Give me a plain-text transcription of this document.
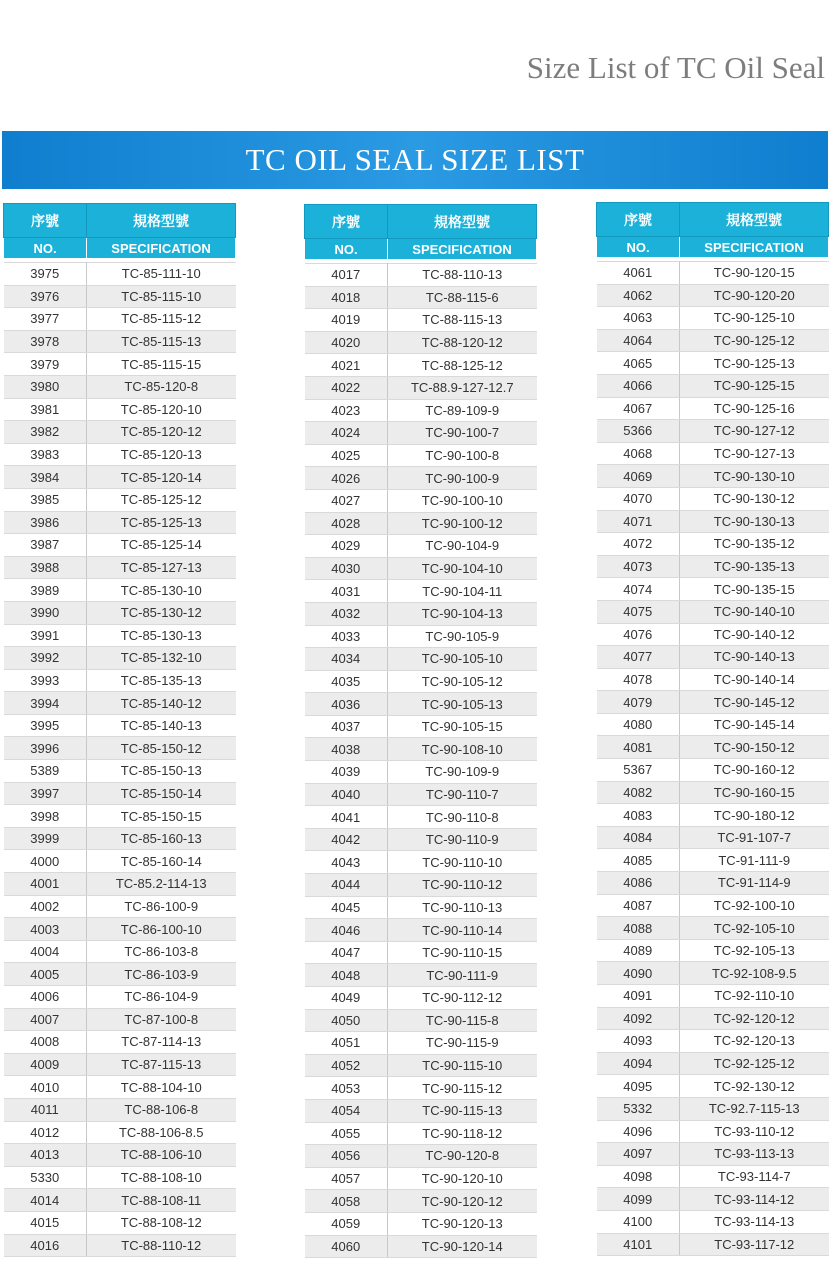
Size List of TC Oil Seal
TC OIL SEAL SIZE LIST
序號	規格型號
NO.	SPECIFICATION

3975	TC-85-111-10
3976	TC-85-115-10
3977	TC-85-115-12
3978	TC-85-115-13
3979	TC-85-115-15
3980	TC-85-120-8
3981	TC-85-120-10
3982	TC-85-120-12
3983	TC-85-120-13
3984	TC-85-120-14
3985	TC-85-125-12
3986	TC-85-125-13
3987	TC-85-125-14
3988	TC-85-127-13
3989	TC-85-130-10
3990	TC-85-130-12
3991	TC-85-130-13
3992	TC-85-132-10
3993	TC-85-135-13
3994	TC-85-140-12
3995	TC-85-140-13
3996	TC-85-150-12
5389	TC-85-150-13
3997	TC-85-150-14
3998	TC-85-150-15
3999	TC-85-160-13
4000	TC-85-160-14
4001	TC-85.2-114-13
4002	TC-86-100-9
4003	TC-86-100-10
4004	TC-86-103-8
4005	TC-86-103-9
4006	TC-86-104-9
4007	TC-87-100-8
4008	TC-87-114-13
4009	TC-87-115-13
4010	TC-88-104-10
4011	TC-88-106-8
4012	TC-88-106-8.5
4013	TC-88-106-10
5330	TC-88-108-10
4014	TC-88-108-11
4015	TC-88-108-12
4016	TC-88-110-12
序號	規格型號
NO.	SPECIFICATION

4017	TC-88-110-13
4018	TC-88-115-6
4019	TC-88-115-13
4020	TC-88-120-12
4021	TC-88-125-12
4022	TC-88.9-127-12.7
4023	TC-89-109-9
4024	TC-90-100-7
4025	TC-90-100-8
4026	TC-90-100-9
4027	TC-90-100-10
4028	TC-90-100-12
4029	TC-90-104-9
4030	TC-90-104-10
4031	TC-90-104-11
4032	TC-90-104-13
4033	TC-90-105-9
4034	TC-90-105-10
4035	TC-90-105-12
4036	TC-90-105-13
4037	TC-90-105-15
4038	TC-90-108-10
4039	TC-90-109-9
4040	TC-90-110-7
4041	TC-90-110-8
4042	TC-90-110-9
4043	TC-90-110-10
4044	TC-90-110-12
4045	TC-90-110-13
4046	TC-90-110-14
4047	TC-90-110-15
4048	TC-90-111-9
4049	TC-90-112-12
4050	TC-90-115-8
4051	TC-90-115-9
4052	TC-90-115-10
4053	TC-90-115-12
4054	TC-90-115-13
4055	TC-90-118-12
4056	TC-90-120-8
4057	TC-90-120-10
4058	TC-90-120-12
4059	TC-90-120-13
4060	TC-90-120-14
序號	規格型號
NO.	SPECIFICATION

4061	TC-90-120-15
4062	TC-90-120-20
4063	TC-90-125-10
4064	TC-90-125-12
4065	TC-90-125-13
4066	TC-90-125-15
4067	TC-90-125-16
5366	TC-90-127-12
4068	TC-90-127-13
4069	TC-90-130-10
4070	TC-90-130-12
4071	TC-90-130-13
4072	TC-90-135-12
4073	TC-90-135-13
4074	TC-90-135-15
4075	TC-90-140-10
4076	TC-90-140-12
4077	TC-90-140-13
4078	TC-90-140-14
4079	TC-90-145-12
4080	TC-90-145-14
4081	TC-90-150-12
5367	TC-90-160-12
4082	TC-90-160-15
4083	TC-90-180-12
4084	TC-91-107-7
4085	TC-91-111-9
4086	TC-91-114-9
4087	TC-92-100-10
4088	TC-92-105-10
4089	TC-92-105-13
4090	TC-92-108-9.5
4091	TC-92-110-10
4092	TC-92-120-12
4093	TC-92-120-13
4094	TC-92-125-12
4095	TC-92-130-12
5332	TC-92.7-115-13
4096	TC-93-110-12
4097	TC-93-113-13
4098	TC-93-114-7
4099	TC-93-114-12
4100	TC-93-114-13
4101	TC-93-117-12
